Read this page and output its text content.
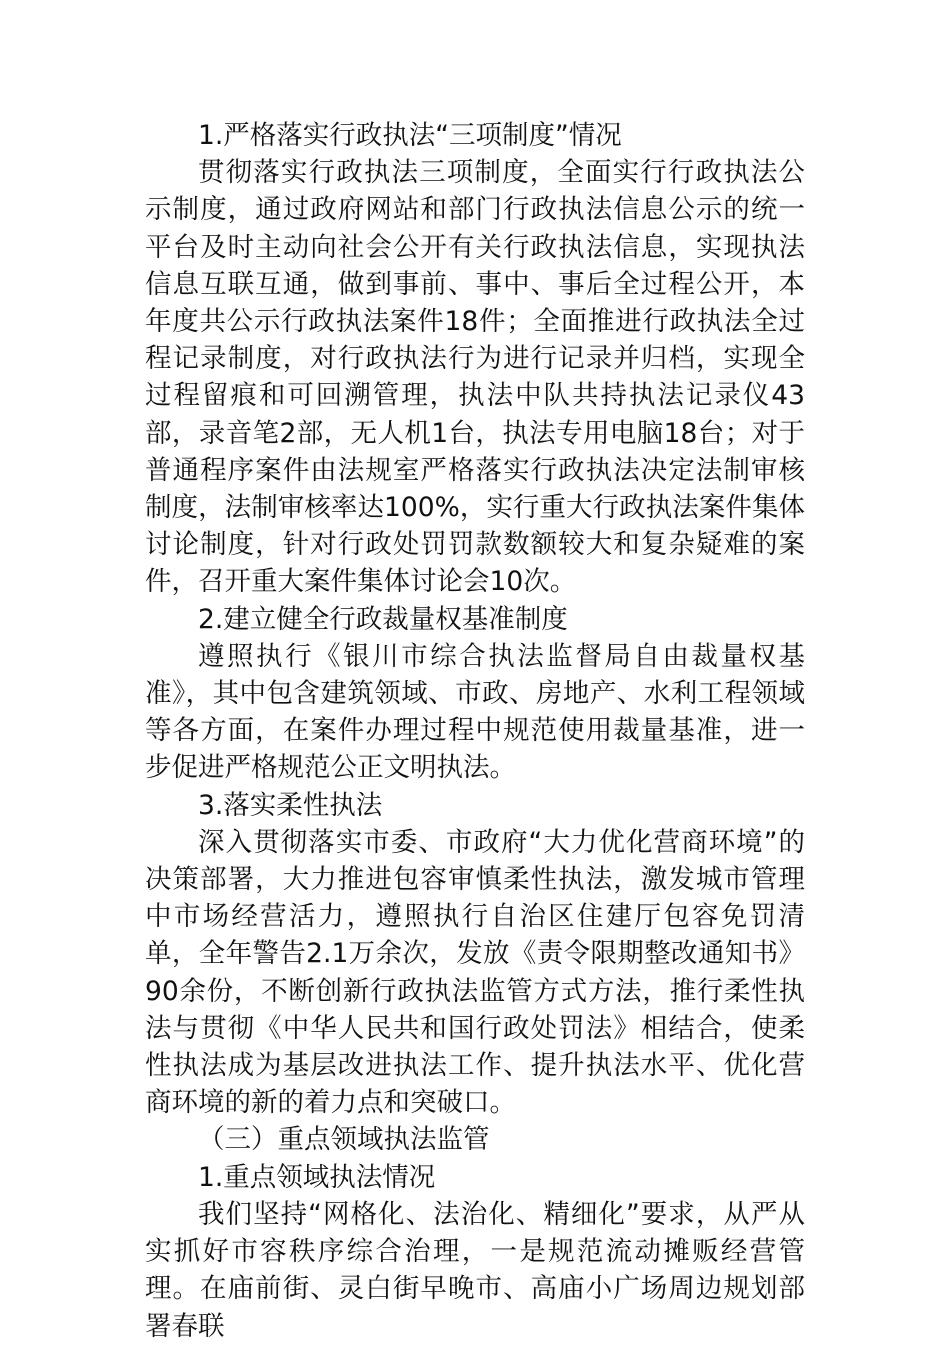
1.严格落实行政执法“三项制度”情况

贯彻落实行政执法三项制度，全面实行行政执法公示制度，通过政府网站和部门行政执法信息公示的统一平台及时主动向社会公开有关行政执法信息，实现执法信息互联互通，做到事前、事中、事后全过程公开，本年度共公示行政执法案件18件；全面推进行政执法全过程记录制度，对行政执法行为进行记录并归档，实现全过程留痕和可回溯管理，执法中队共持执法记录仪43部，录音笔2部，无人机1台，执法专用电脑18台；对于普通程序案件由法规室严格落实行政执法决定法制审核制度，法制审核率达100%，实行重大行政执法案件集体讨论制度，针对行政处罚罚款数额较大和复杂疑难的案件，召开重大案件集体讨论会10次。

2.建立健全行政裁量权基准制度

遵照执行《银川市综合执法监督局自由裁量权基准》，其中包含建筑领域、市政、房地产、水利工程领域等各方面，在案件办理过程中规范使用裁量基准，进一步促进严格规范公正文明执法。

3.落实柔性执法

深入贯彻落实市委、市政府“大力优化营商环境”的决策部署，大力推进包容审慎柔性执法，激发城市管理中市场经营活力，遵照执行自治区住建厅包容免罚清单，全年警告2.1万余次，发放《责令限期整改通知书》90余份，不断创新行政执法监管方式方法，推行柔性执法与贯彻《中华人民共和国行政处罚法》相结合，使柔性执法成为基层改进执法工作、提升执法水平、优化营商环境的新的着力点和突破口。

（三）重点领域执法监管

1.重点领域执法情况

我们坚持“网格化、法治化、精细化”要求，从严从实抓好市容秩序综合治理，一是规范流动摊贩经营管理。在庙前街、灵白街早晚市、高庙小广场周边规划部署春联
